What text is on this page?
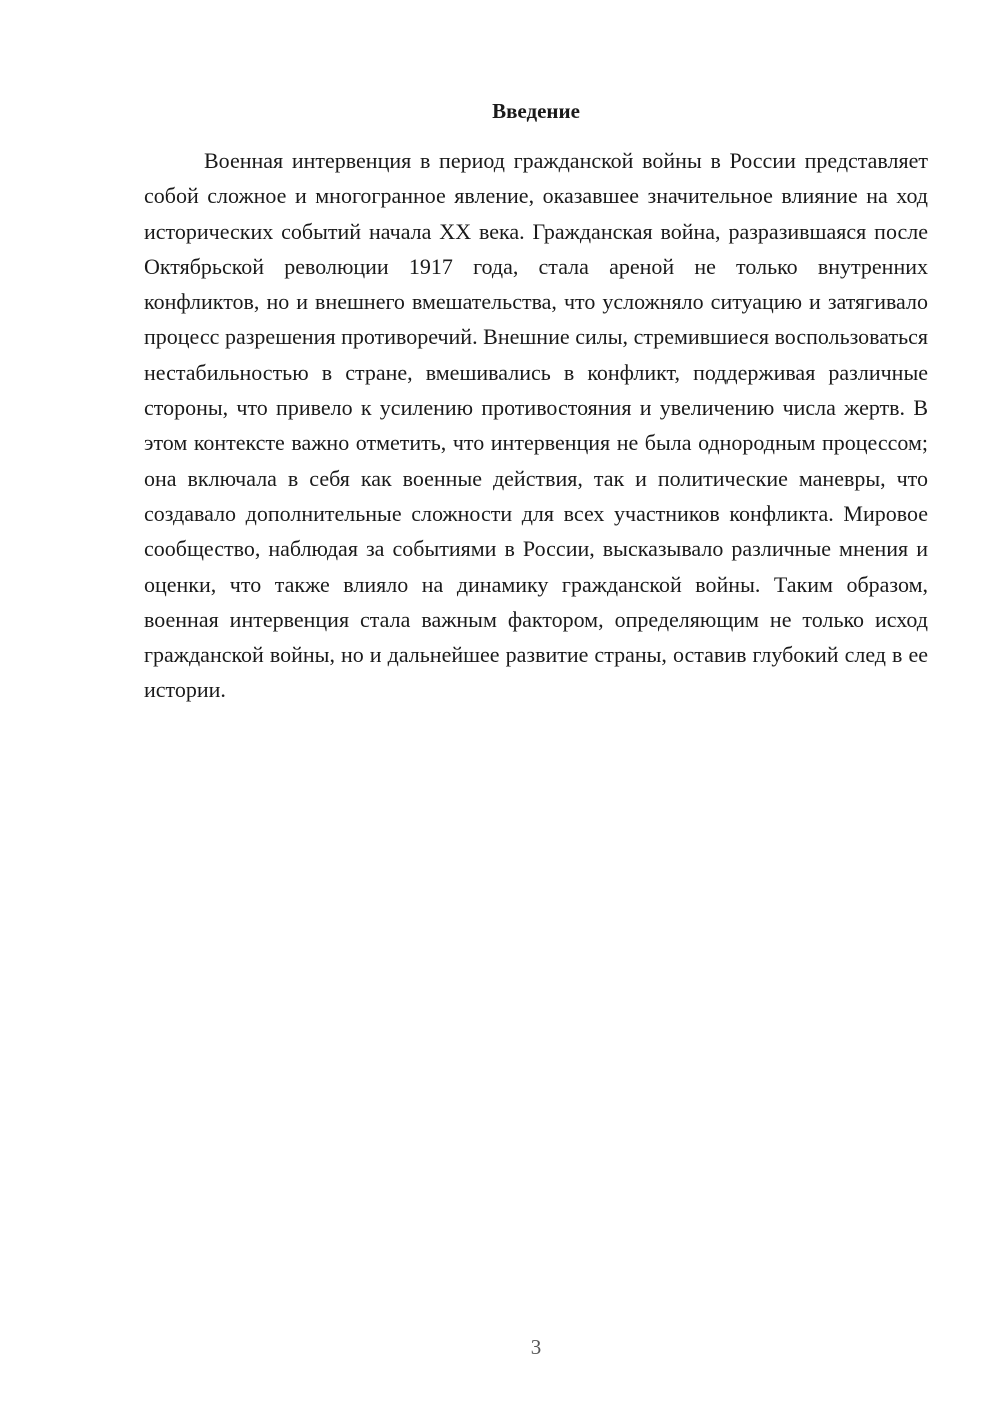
Введение

Военная интервенция в период гражданской войны в России представляет собой сложное и многогранное явление, оказавшее значительное влияние на ход исторических событий начала XX века. Гражданская война, разразившаяся после Октябрьской революции 1917 года, стала ареной не только внутренних конфликтов, но и внешнего вмешательства, что усложняло ситуацию и затягивало процесс разрешения противоречий. Внешние силы, стремившиеся воспользоваться нестабильностью в стране, вмешивались в конфликт, поддерживая различные стороны, что привело к усилению противостояния и увеличению числа жертв. В этом контексте важно отметить, что интервенция не была однородным процессом; она включала в себя как военные действия, так и политические маневры, что создавало дополнительные сложности для всех участников конфликта. Мировое сообщество, наблюдая за событиями в России, высказывало различные мнения и оценки, что также влияло на динамику гражданской войны. Таким образом, военная интервенция стала важным фактором, определяющим не только исход гражданской войны, но и дальнейшее развитие страны, оставив глубокий след в ее истории.

3
